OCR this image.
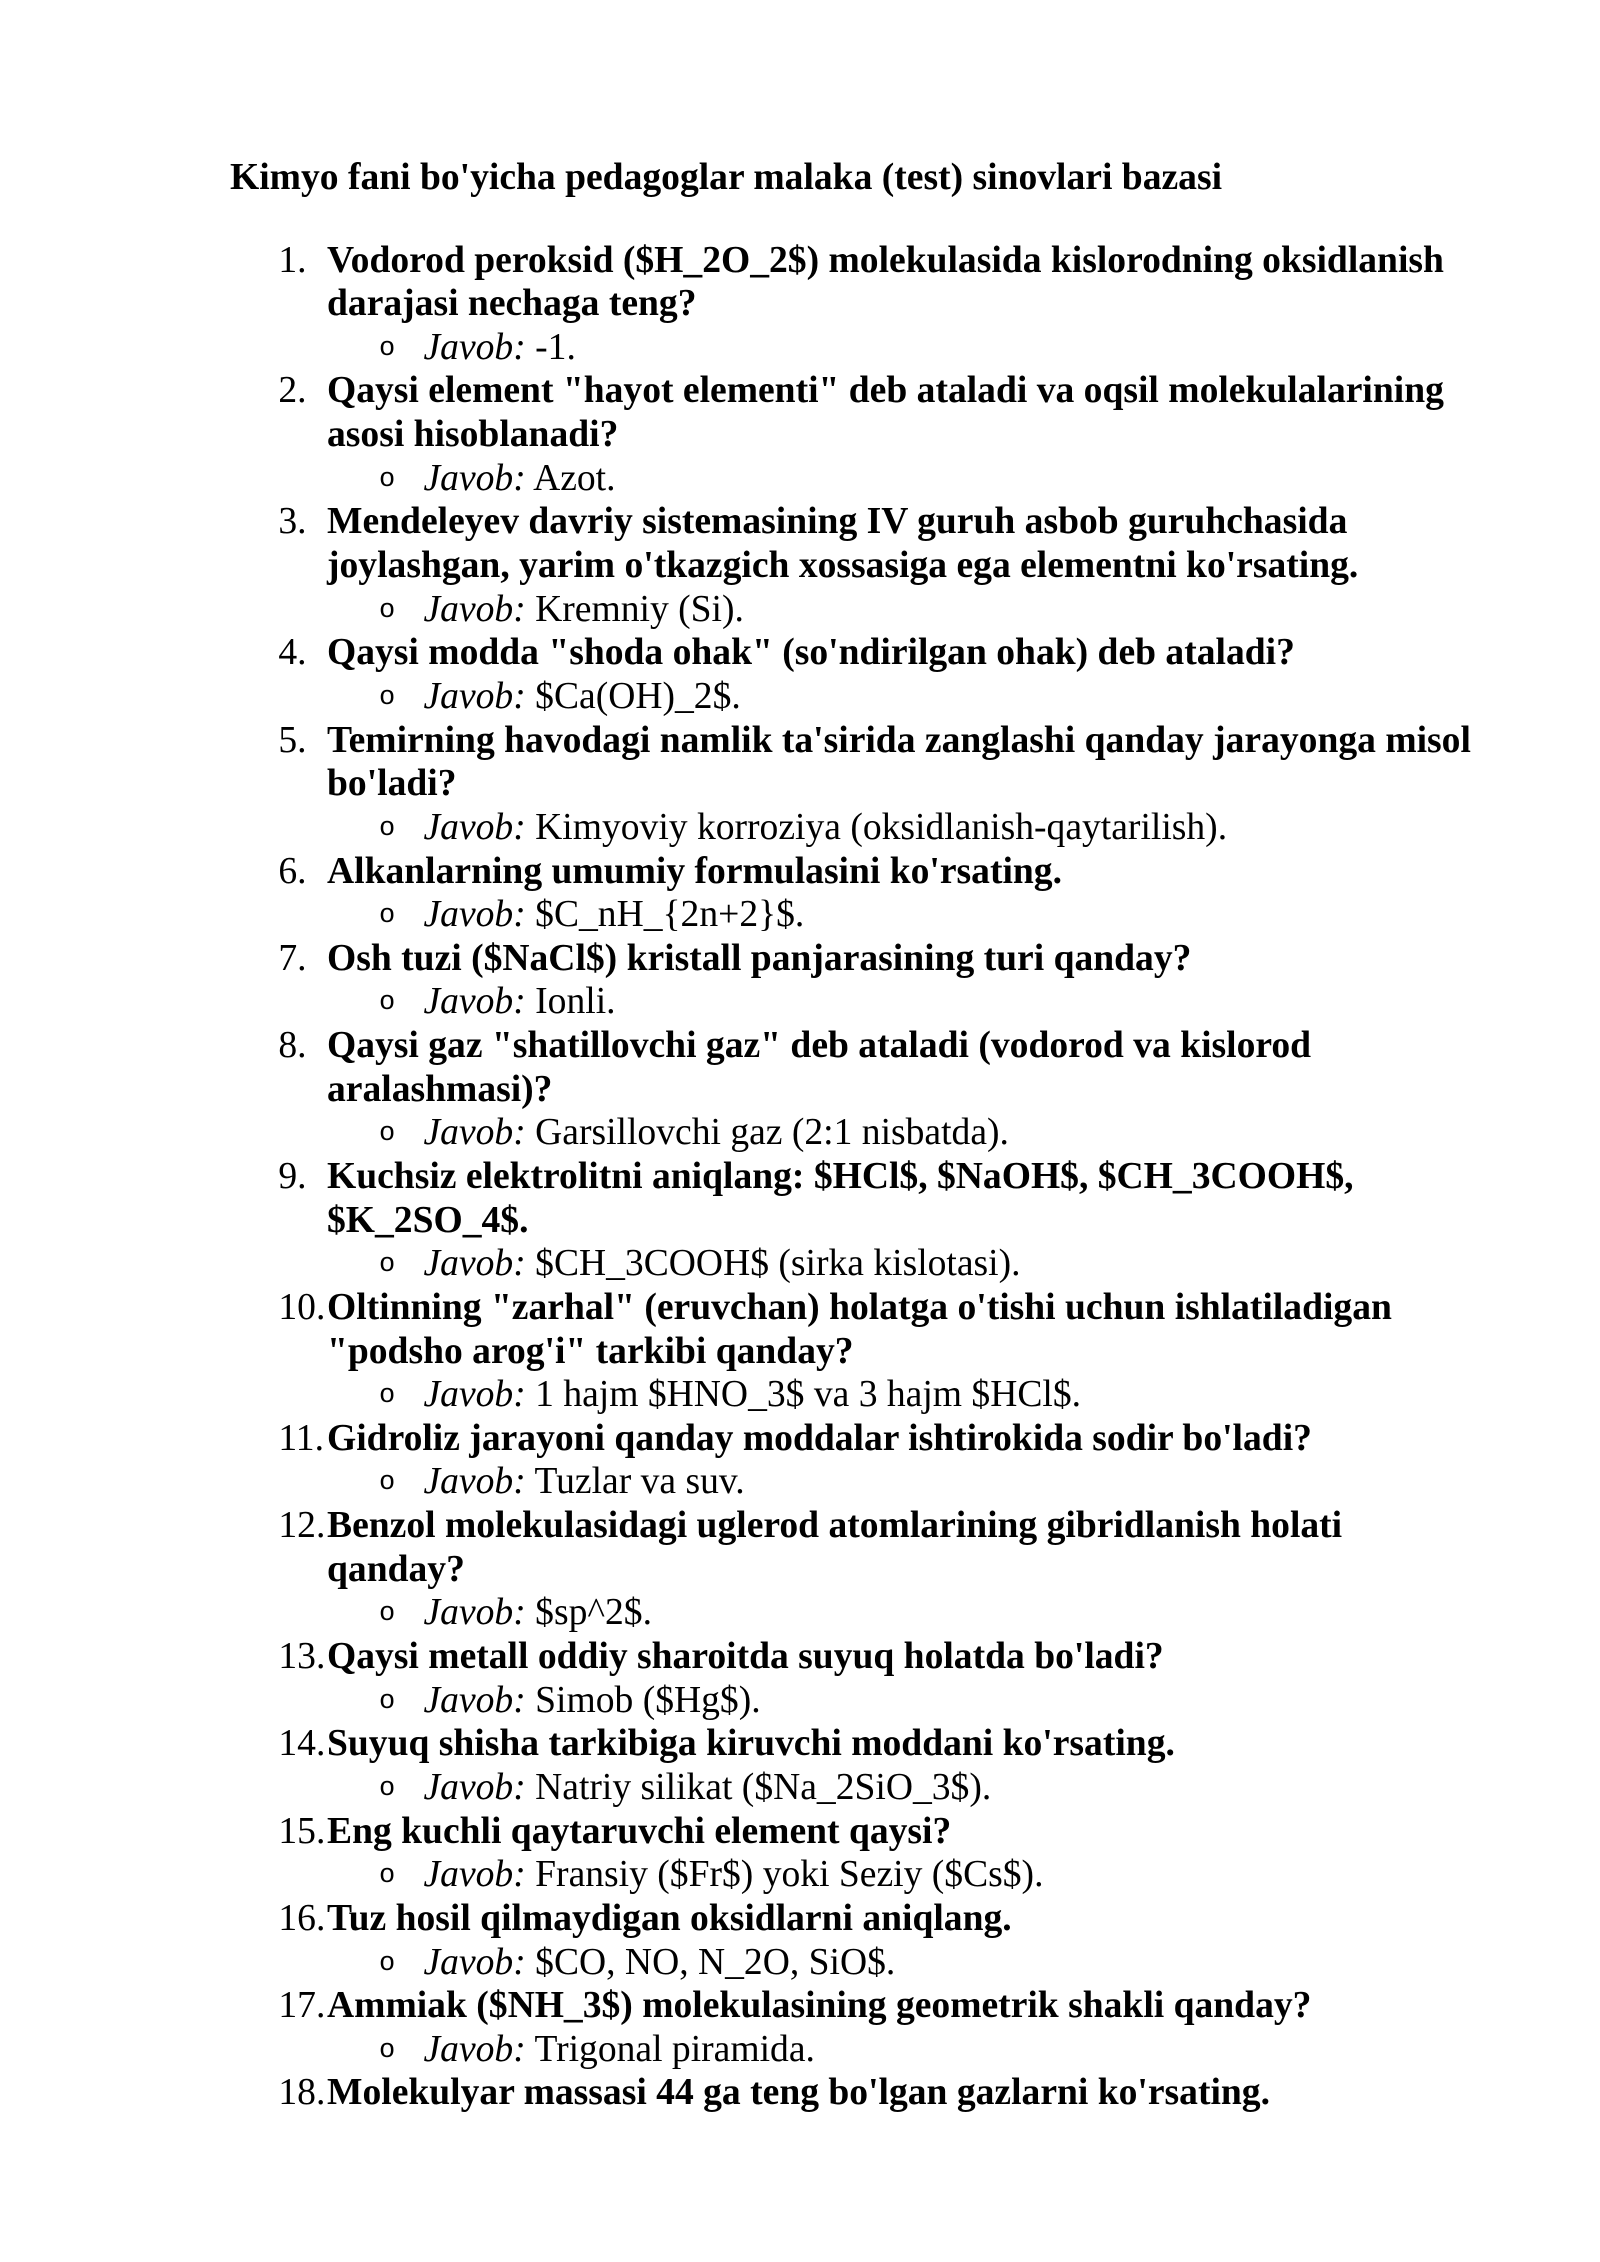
Kimyo fani bo'yicha pedagoglar malaka (test) sinovlari bazasi
1. Vodorod peroksid ($H_2O_2$) molekulasida kislorodning oksidlanish darajasi nechaga teng?
o Javob: -1.
2. Qaysi element "hayot elementi" deb ataladi va oqsil molekulalarining asosi hisoblanadi?
o Javob: Azot.
3. Mendeleyev davriy sistemasining IV guruh asbob guruhchasida joylashgan, yarim o'tkazgich xossasiga ega elementni ko'rsating.
o Javob: Kremniy (Si).
4. Qaysi modda "shoda ohak" (so'ndirilgan ohak) deb ataladi?
o Javob: $Ca(OH)_2$.
5. Temirning havodagi namlik ta'sirida zanglashi qanday jarayonga misol bo'ladi?
o Javob: Kimyoviy korroziya (oksidlanish-qaytarilish).
6. Alkanlarning umumiy formulasini ko'rsating.
o Javob: $C_nH_{2n+2}$.
7. Osh tuzi ($NaCl$) kristall panjarasining turi qanday?
o Javob: Ionli.
8. Qaysi gaz "shatillovchi gaz" deb ataladi (vodorod va kislorod aralashmasi)?
o Javob: Garsillovchi gaz (2:1 nisbatda).
9. Kuchsiz elektrolitni aniqlang: $HCl$, $NaOH$, $CH_3COOH$, $K_2SO_4$.
o Javob: $CH_3COOH$ (sirka kislotasi).
10. Oltinning "zarhal" (eruvchan) holatga o'tishi uchun ishlatiladigan "podsho arog'i" tarkibi qanday?
o Javob: 1 hajm $HNO_3$ va 3 hajm $HCl$.
11. Gidroliz jarayoni qanday moddalar ishtirokida sodir bo'ladi?
o Javob: Tuzlar va suv.
12. Benzol molekulasidagi uglerod atomlarining gibridlanish holati qanday?
o Javob: $sp^2$.
13. Qaysi metall oddiy sharoitda suyuq holatda bo'ladi?
o Javob: Simob ($Hg$).
14. Suyuq shisha tarkibiga kiruvchi moddani ko'rsating.
o Javob: Natriy silikat ($Na_2SiO_3$).
15. Eng kuchli qaytaruvchi element qaysi?
o Javob: Fransiy ($Fr$) yoki Seziy ($Cs$).
16. Tuz hosil qilmaydigan oksidlarni aniqlang.
o Javob: $CO, NO, N_2O, SiO$.
17. Ammiak ($NH_3$) molekulasining geometrik shakli qanday?
o Javob: Trigonal piramida.
18. Molekulyar massasi 44 ga teng bo'lgan gazlarni ko'rsating.
